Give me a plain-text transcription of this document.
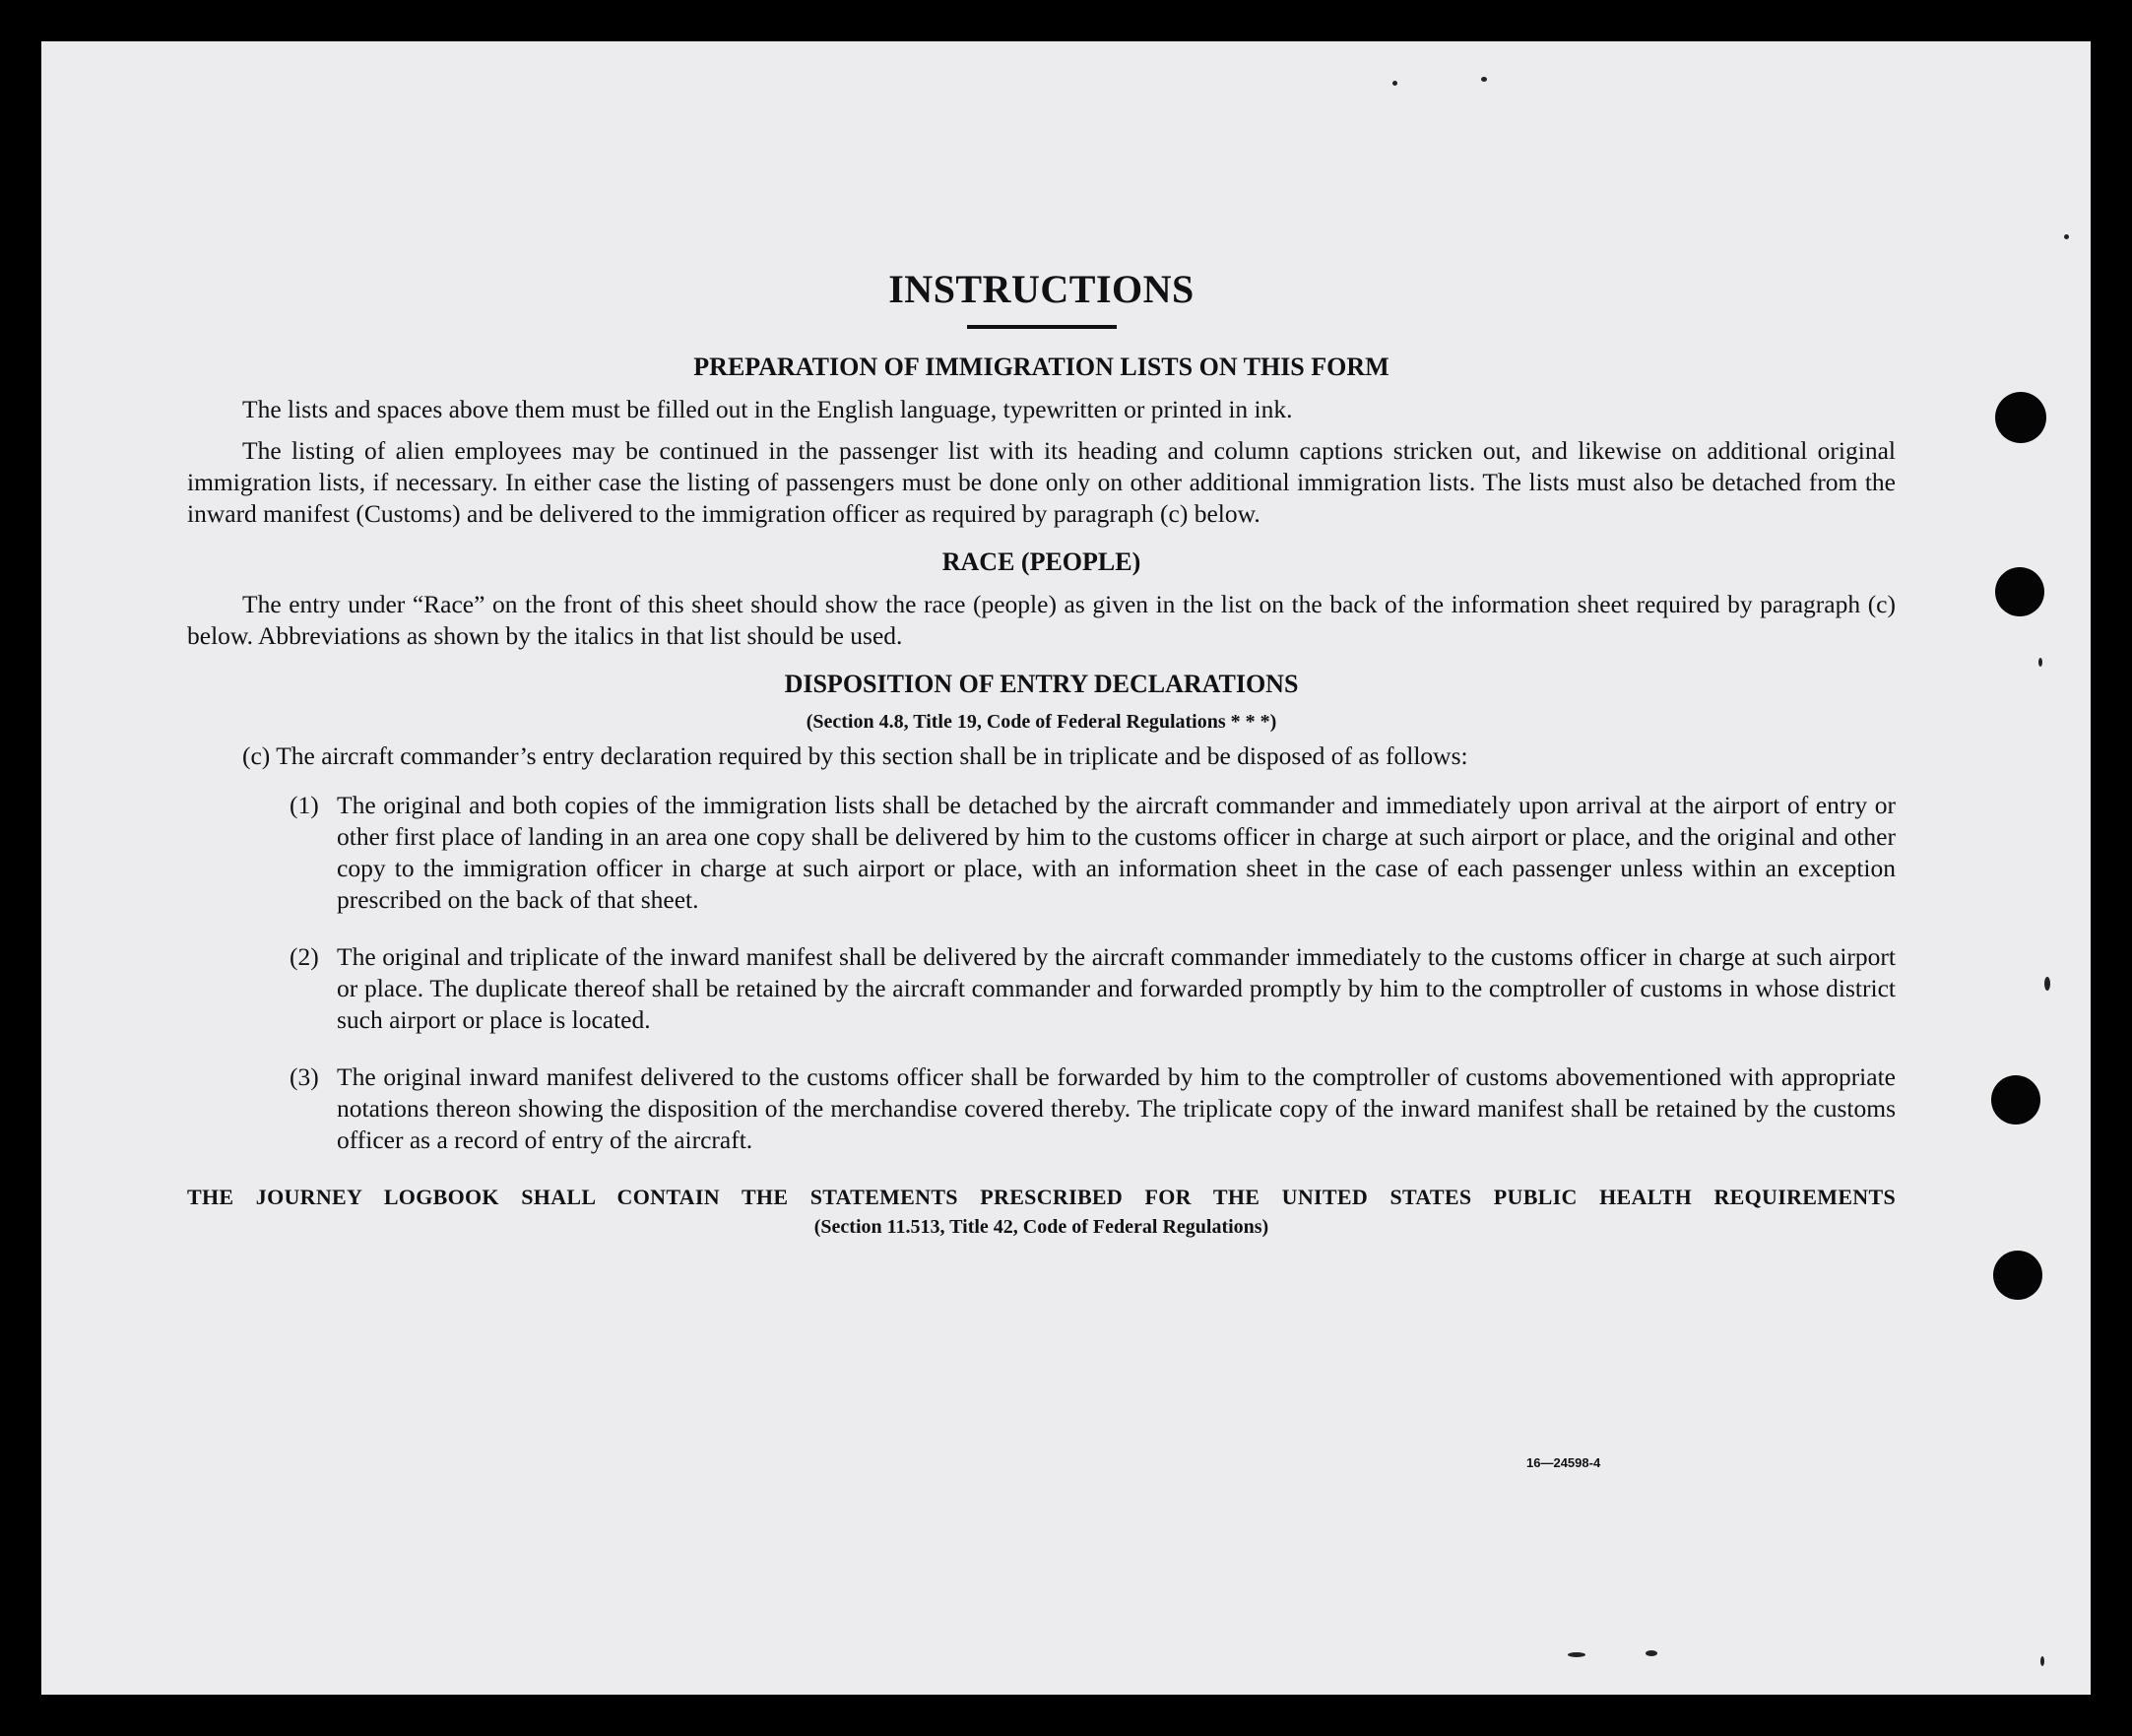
INSTRUCTIONS
PREPARATION OF IMMIGRATION LISTS ON THIS FORM

The lists and spaces above them must be filled out in the English language, typewritten or printed in ink.

The listing of alien employees may be continued in the passenger list with its heading and column captions stricken out, and likewise on additional original immigration lists, if necessary. In either case the listing of passengers must be done only on other additional immigration lists. The lists must also be detached from the inward manifest (Customs) and be delivered to the immigration officer as required by paragraph (c) below.

RACE (PEOPLE)

The entry under “Race” on the front of this sheet should show the race (people) as given in the list on the back of the information sheet required by paragraph (c) below. Abbreviations as shown by the italics in that list should be used.

DISPOSITION OF ENTRY DECLARATIONS
(Section 4.8, Title 19, Code of Federal Regulations * * *)
(c) The aircraft commander’s entry declaration required by this section shall be in triplicate and be disposed of as follows:
(1) The original and both copies of the immigration lists shall be detached by the aircraft commander and immediately upon arrival at the airport of entry or other first place of landing in an area one copy shall be delivered by him to the customs officer in charge at such airport or place, and the original and other copy to the immigration officer in charge at such airport or place, with an information sheet in the case of each passenger unless within an exception prescribed on the back of that sheet.
(2) The original and triplicate of the inward manifest shall be delivered by the aircraft commander immediately to the customs officer in charge at such airport or place. The duplicate thereof shall be retained by the aircraft commander and forwarded promptly by him to the comptroller of customs in whose district such airport or place is located.
(3) The original inward manifest delivered to the customs officer shall be forwarded by him to the comptroller of customs abovementioned with appropriate notations thereon showing the disposition of the merchandise covered thereby. The triplicate copy of the inward manifest shall be retained by the customs officer as a record of entry of the aircraft.
THE JOURNEY LOGBOOK SHALL CONTAIN THE STATEMENTS PRESCRIBED FOR THE UNITED STATES PUBLIC HEALTH REQUIREMENTS
(Section 11.513, Title 42, Code of Federal Regulations)
16—24598-4
